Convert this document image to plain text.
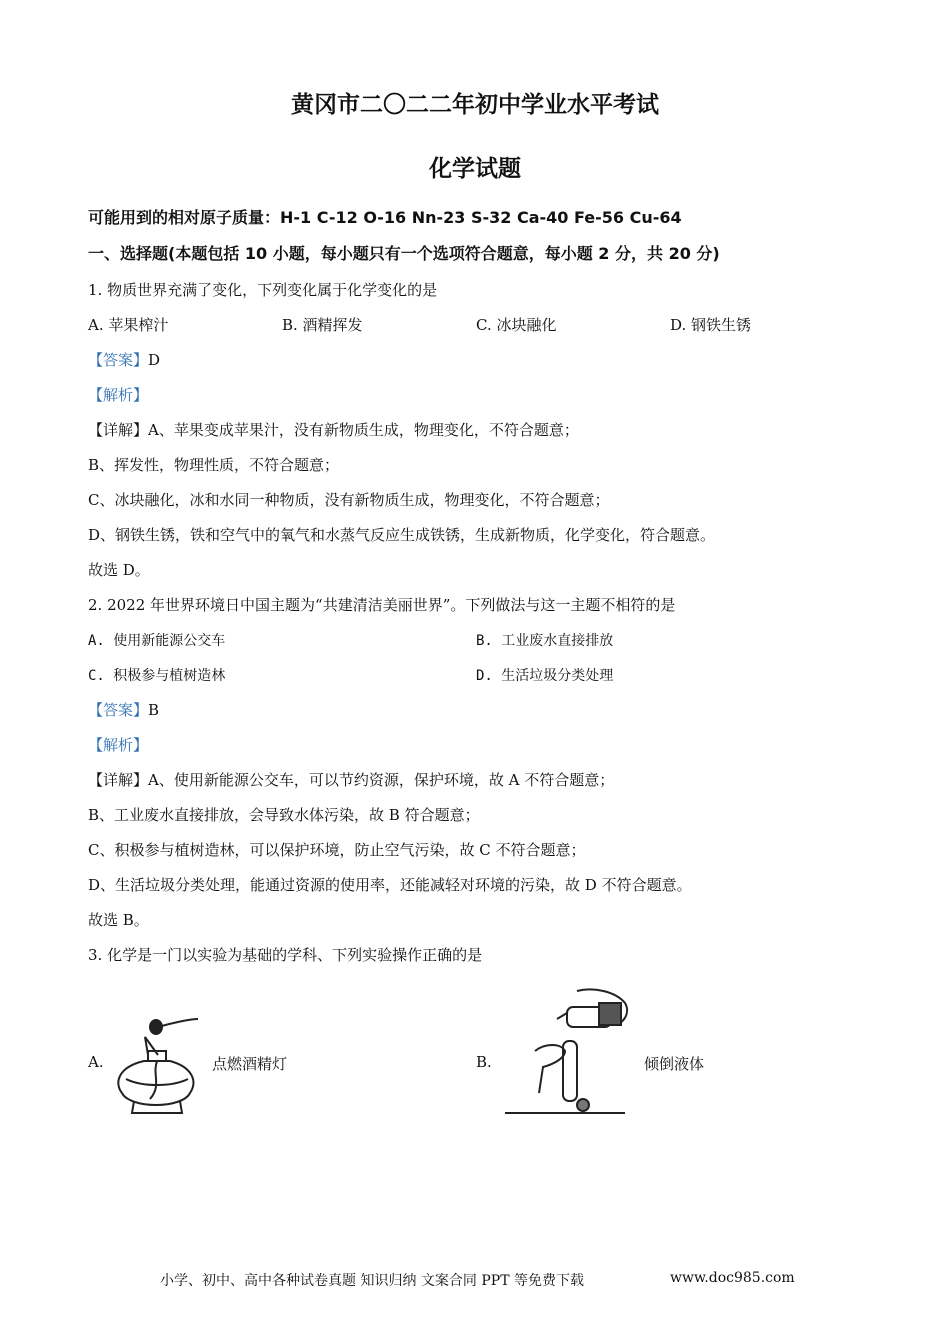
黄冈市二〇二二年初中学业水平考试
化学试题
可能用到的相对原子质量：H-1 C-12 O-16 Nn-23 S-32 Ca-40 Fe-56 Cu-64
一、选择题(本题包括 10 小题，每小题只有一个选项符合题意，每小题 2 分，共 20 分)
1. 物质世界充满了变化，下列变化属于化学变化的是
A. 苹果榨汁	B. 酒精挥发	C. 冰块融化	D. 钢铁生锈
【答案】D
【解析】
【详解】A、苹果变成苹果汁，没有新物质生成，物理变化，不符合题意；
B、挥发性，物理性质，不符合题意；
C、冰块融化，冰和水同一种物质，没有新物质生成，物理变化，不符合题意；
D、钢铁生锈，铁和空气中的氧气和水蒸气反应生成铁锈，生成新物质，化学变化，符合题意。
故选 D。
2. 2022 年世界环境日中国主题为“共建清洁美丽世界”。下列做法与这一主题不相符的是
A. 使用新能源公交车	B. 工业废水直接排放
C. 积极参与植树造林	D. 生活垃圾分类处理
【答案】B
【解析】
【详解】A、使用新能源公交车，可以节约资源，保护环境，故 A 不符合题意；
B、工业废水直接排放，会导致水体污染，故 B 符合题意；
C、积极参与植树造林，可以保护环境，防止空气污染，故 C 不符合题意；
D、生活垃圾分类处理，能通过资源的使用率，还能减轻对环境的污染，故 D 不符合题意。
故选 B。
3. 化学是一门以实验为基础的学科、下列实验操作正确的是
A.	点燃酒精灯	B.	倾倒液体
小学、初中、高中各种试卷真题 知识归纳 文案合同 PPT 等免费下载	www.doc985.com
